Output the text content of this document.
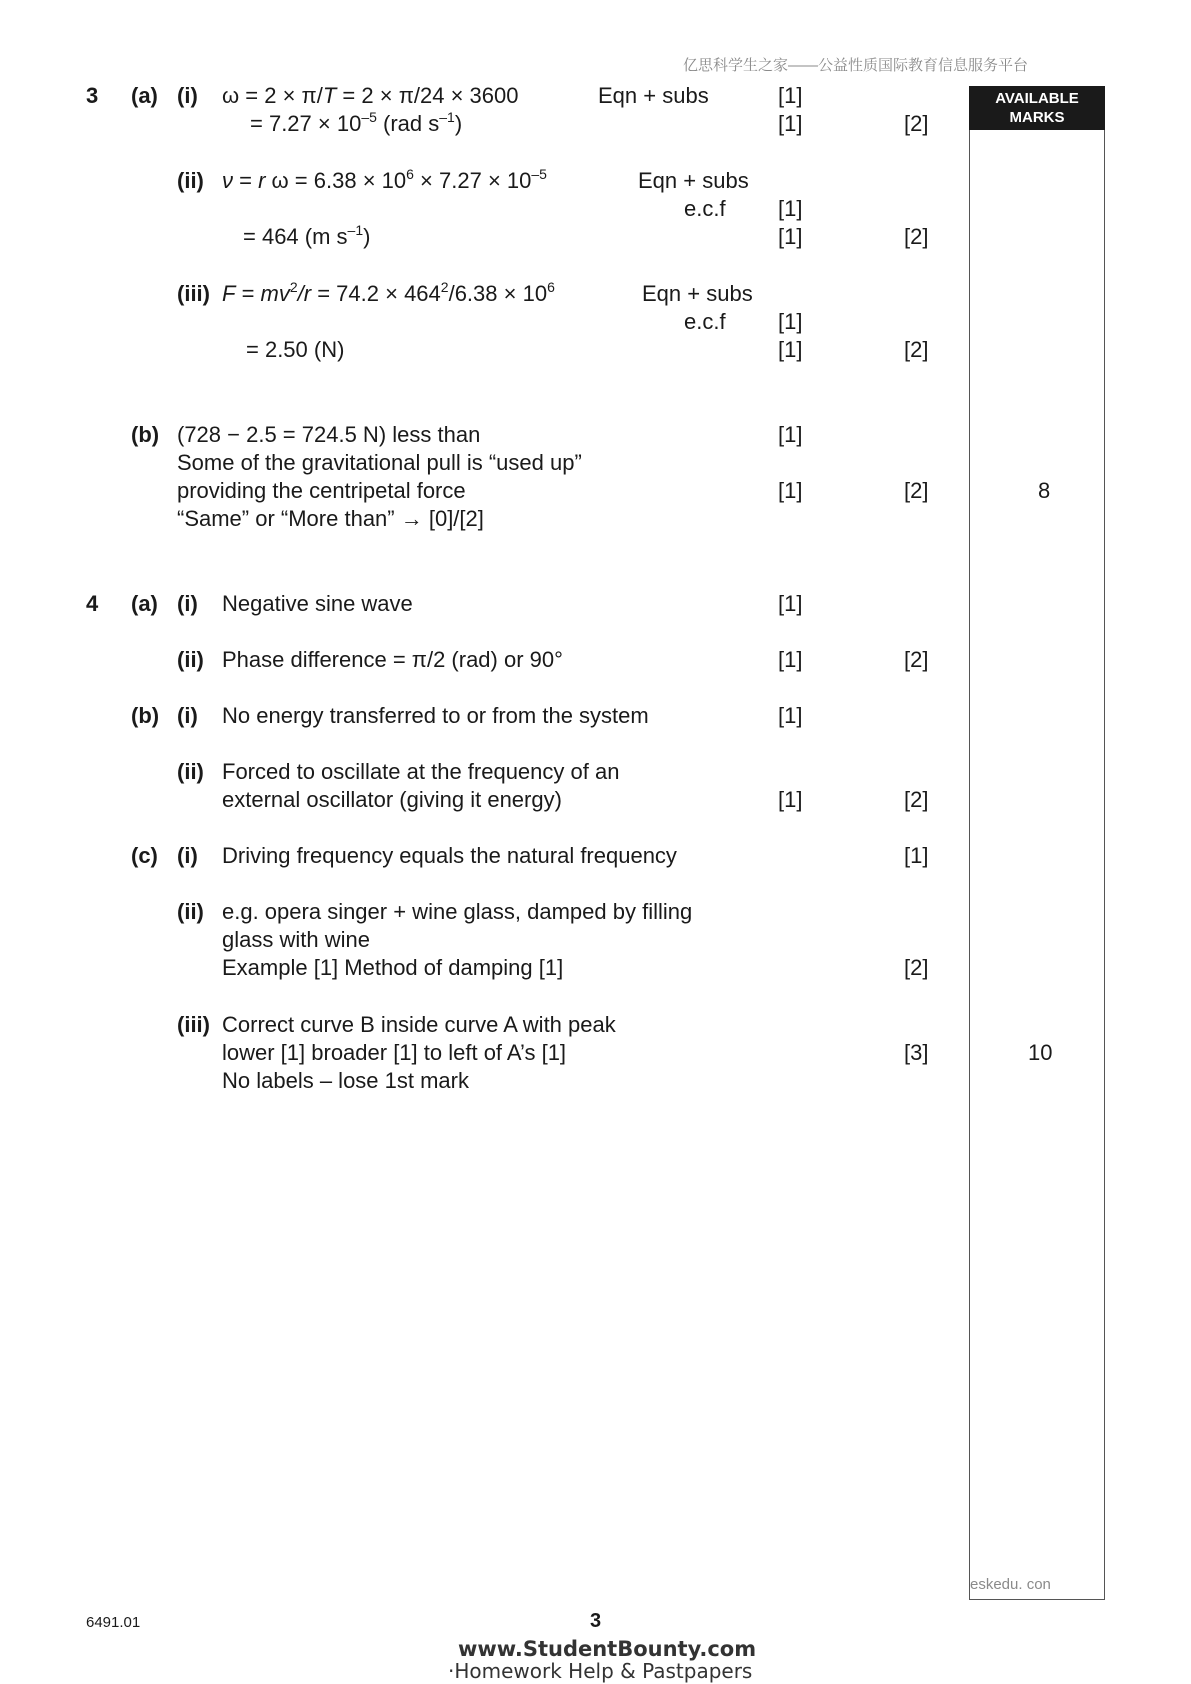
亿思科学生之家——公益性质国际教育信息服务平台
AVAILABLE
MARKS
3 (a) (i) ω = 2 × π/T = 2 × π/24 × 3600	Eqn + subs	[1]
= $7.27 \times 10^{-5}$ (rad $s^{-1}$)	[1]	[2]
(ii) ν = r $\omega = 6.38 \times 10^6 \times 7.27 \times 10^{-5}$	Eqn + subs
e.c.f [1]
= 464 (m $s^{-1}$)	[1]	[2]
(iii) $F = mv^2/r = 74.2 \times 464^2/6.38 \times 10^6$	Eqn + subs
e.c.f [1]
= 2.50 (N)	[1]	[2]
(b) (728 − 2.5 = 724.5 N) less than	[1]
Some of the gravitational pull is “used up”
providing the centripetal force	[1]	[2]	8
“Same” or “More than” → [0]/[2]
4 (a) (i) Negative sine wave	[1]
(ii) Phase difference = π/2 (rad) or 90°	[1]	[2]
(b) (i) No energy transferred to or from the system	[1]
(ii) Forced to oscillate at the frequency of an
external oscillator (giving it energy)	[1]	[2]
(c) (i) Driving frequency equals the natural frequency	[1]
(ii) e.g. opera singer + wine glass, damped by filling
glass with wine
Example [1] Method of damping [1]	[2]
(iii) Correct curve B inside curve A with peak
lower [1] broader [1] to left of A’s [1]	[3]	10
No labels – lose 1st mark
eskedu. con
6491.01	3
www.StudentBounty.com
·Homework Help & Pastpapers
